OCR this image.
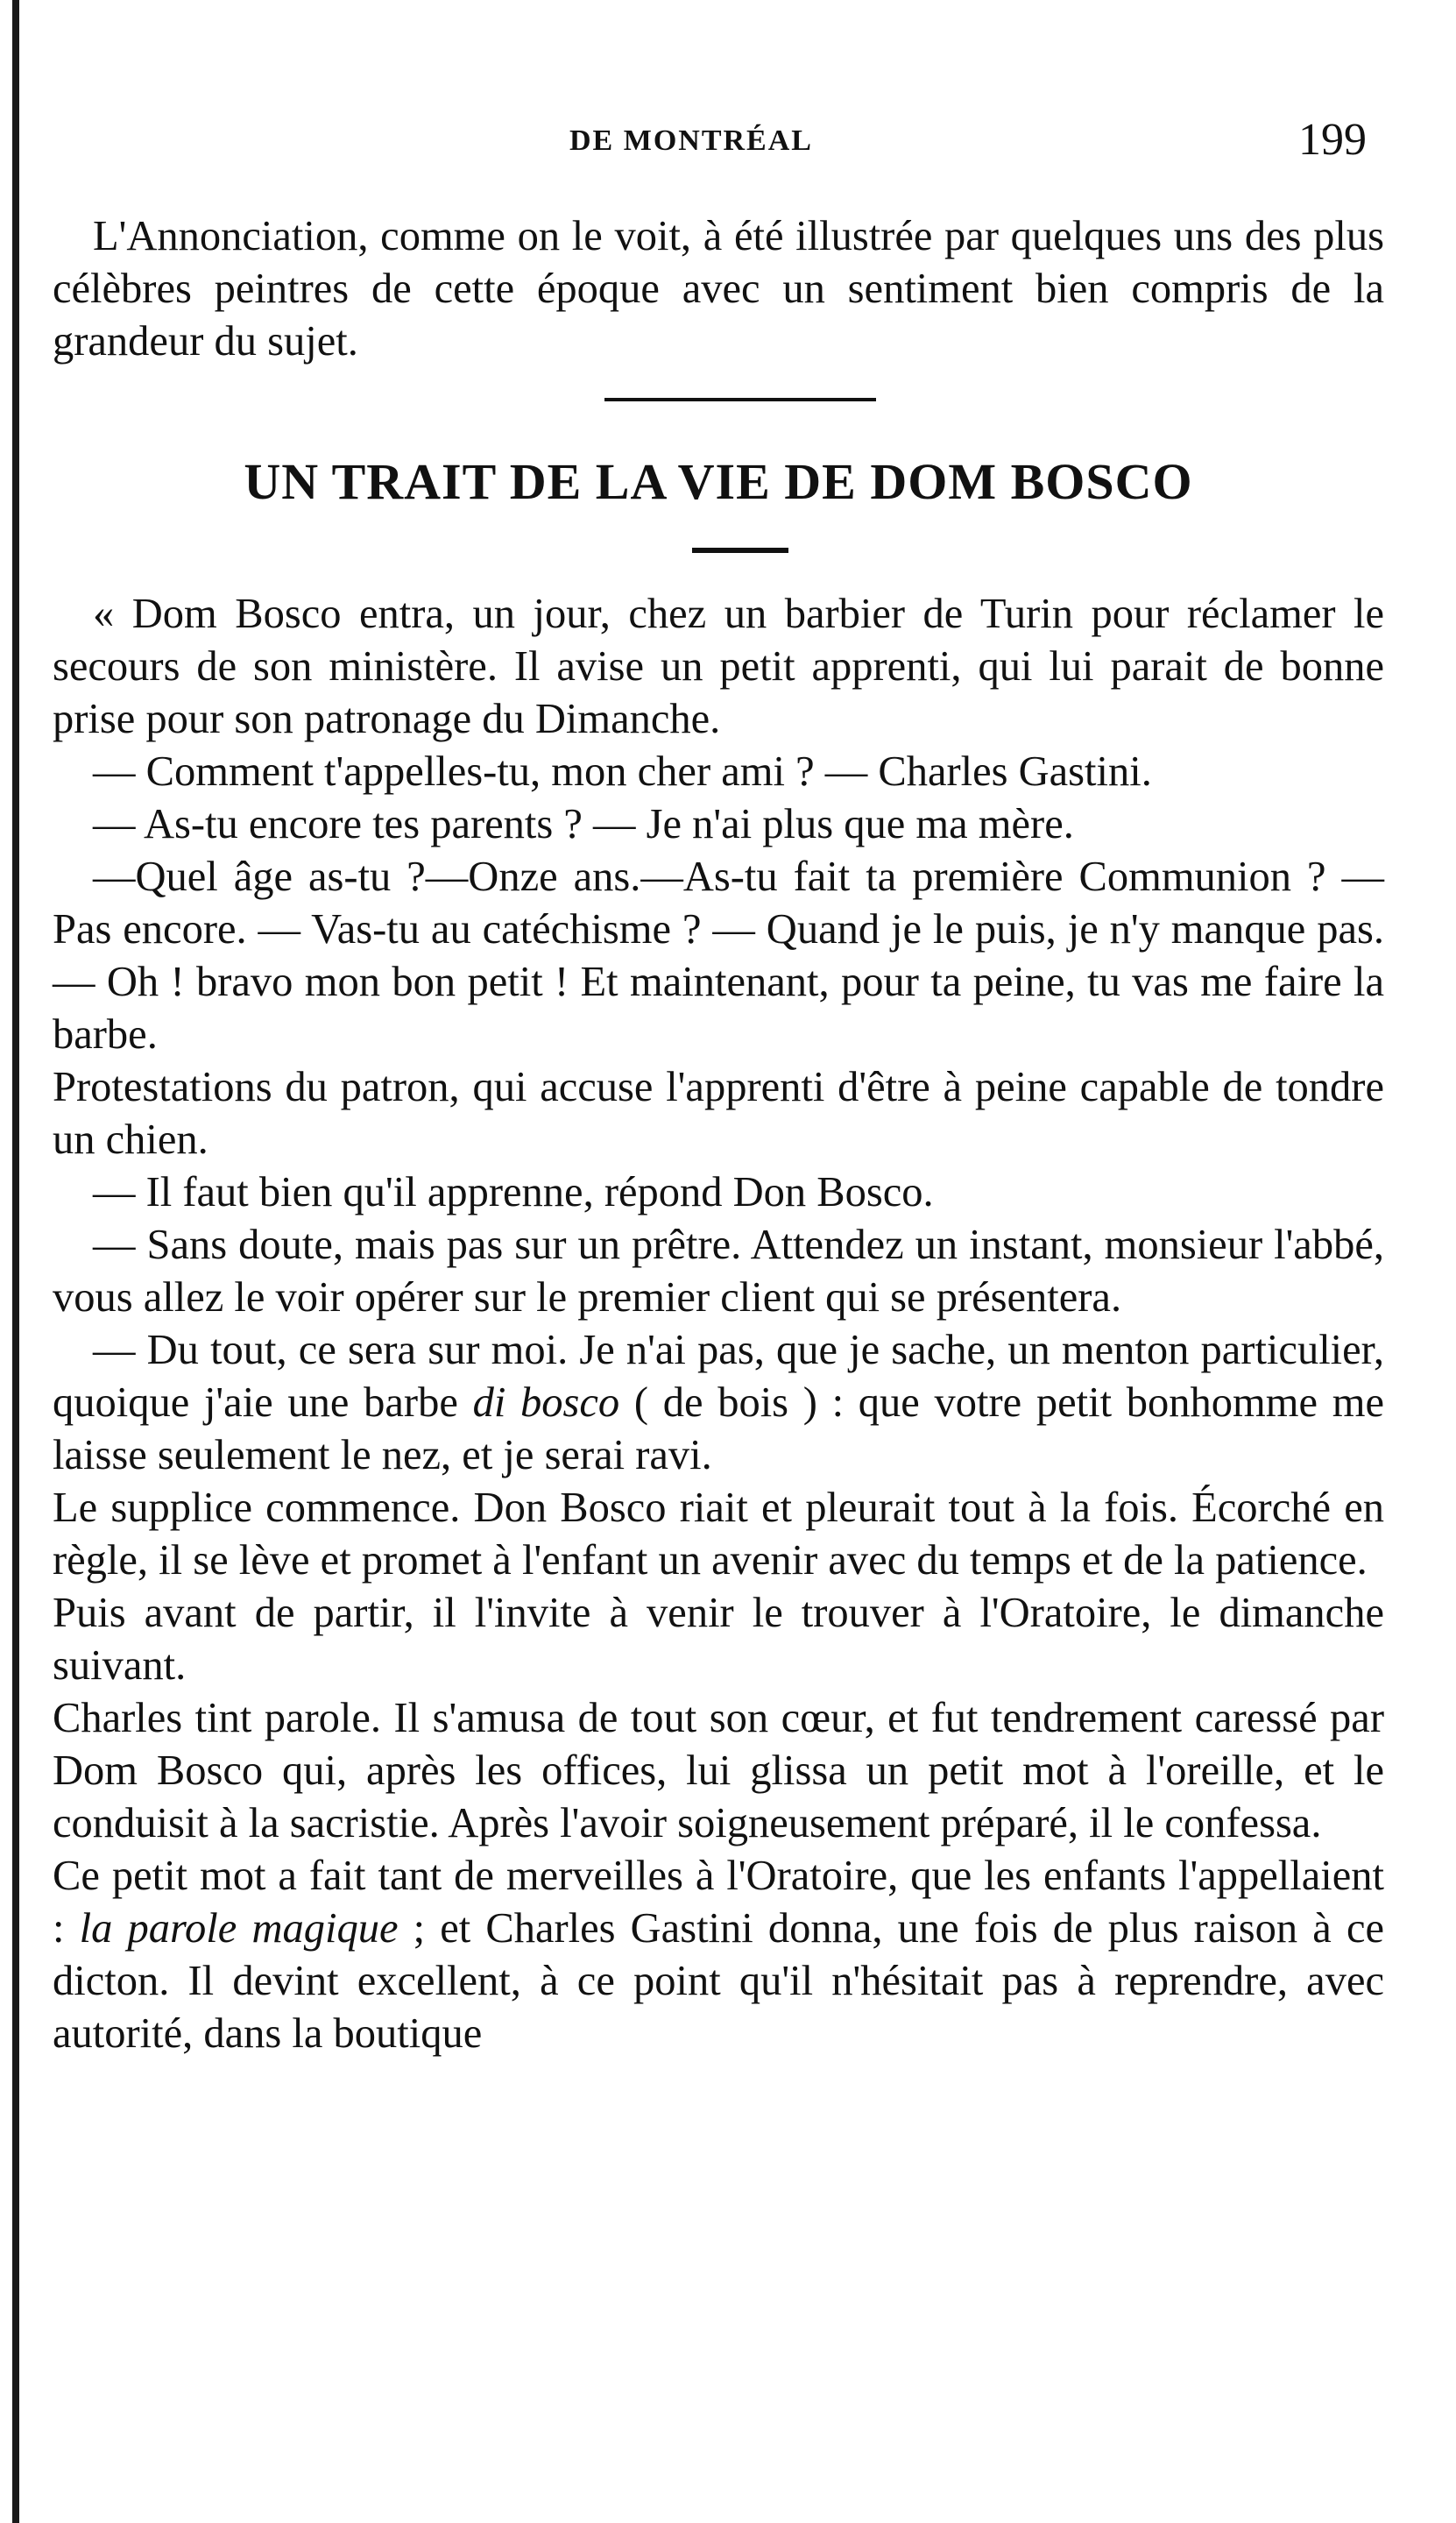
DE MONTRÉAL	199

L'Annonciation, comme on le voit, à été illustrée par quelques uns des plus célèbres peintres de cette époque avec un sentiment bien compris de la grandeur du sujet.

UN TRAIT DE LA VIE DE DOM BOSCO

« Dom Bosco entra, un jour, chez un barbier de Turin pour réclamer le secours de son ministère. Il avise un petit apprenti, qui lui parait de bonne prise pour son patronage du Dimanche.

— Comment t'appelles-tu, mon cher ami ? — Charles Gastini.

— As-tu encore tes parents ? — Je n'ai plus que ma mère.

—Quel âge as-tu ?—Onze ans.—As-tu fait ta première Communion ? — Pas encore. — Vas-tu au catéchisme ? — Quand je le puis, je n'y manque pas. — Oh ! bravo mon bon petit ! Et maintenant, pour ta peine, tu vas me faire la barbe.

Protestations du patron, qui accuse l'apprenti d'être à peine capable de tondre un chien.

— Il faut bien qu'il apprenne, répond Don Bosco.

— Sans doute, mais pas sur un prêtre. Attendez un instant, monsieur l'abbé, vous allez le voir opérer sur le premier client qui se présentera.

— Du tout, ce sera sur moi. Je n'ai pas, que je sache, un menton particulier, quoique j'aie une barbe di bosco ( de bois ) : que votre petit bonhomme me laisse seulement le nez, et je serai ravi.

Le supplice commence. Don Bosco riait et pleurait tout à la fois. Écorché en règle, il se lève et promet à l'enfant un avenir avec du temps et de la patience.

Puis avant de partir, il l'invite à venir le trouver à l'Oratoire, le dimanche suivant.

Charles tint parole. Il s'amusa de tout son cœur, et fut tendrement caressé par Dom Bosco qui, après les offices, lui glissa un petit mot à l'oreille, et le conduisit à la sacristie. Après l'avoir soigneusement préparé, il le confessa.

Ce petit mot a fait tant de merveilles à l'Oratoire, que les enfants l'appellaient : la parole magique ; et Charles Gastini donna, une fois de plus raison à ce dicton. Il devint excellent, à ce point qu'il n'hésitait pas à reprendre, avec autorité, dans la boutique
